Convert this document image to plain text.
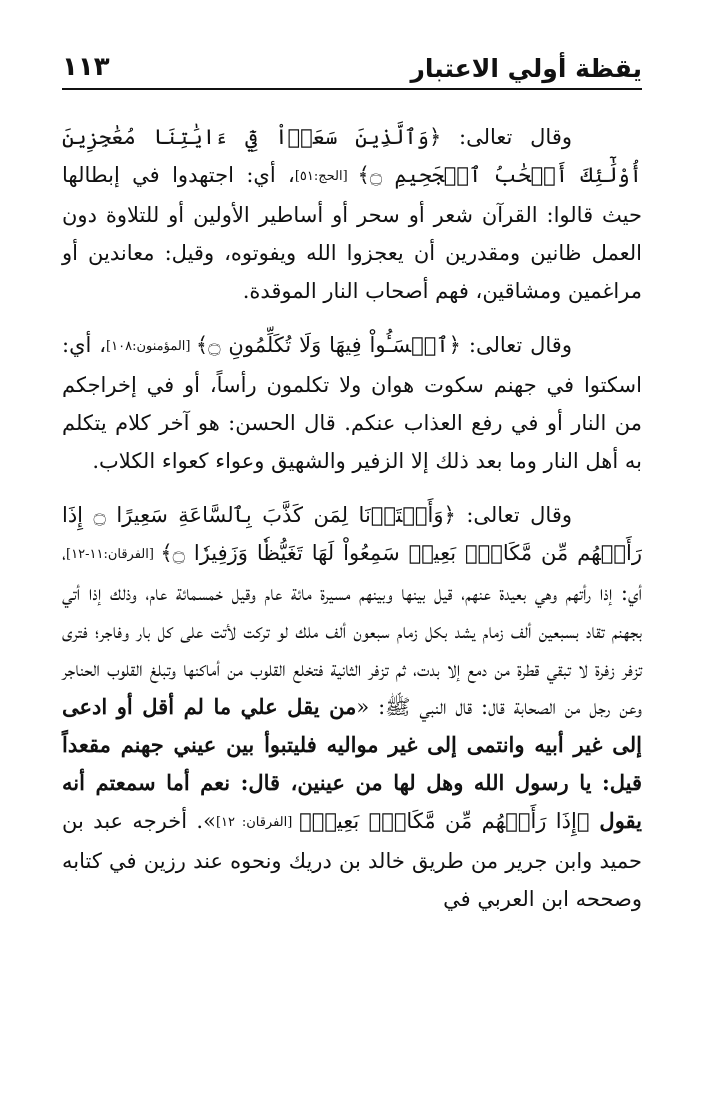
يقظة أولي الاعتبار
١١٣

وقال تعالى: ﴿وَٱلَّذِينَ سَعَوۡاْ فِيٓ ءَايَٰتِنَا مُعَٰجِزِينَ أُوْلَٰٓئِكَ أَصۡحَٰبُ ٱلۡجَحِيمِ ۝﴾ [الحج:٥١]، أي: اجتهدوا في إبطالها حيث قالوا: القرآن شعر أو سحر أو أساطير الأولين أو للتلاوة دون العمل ظانين ومقدرين أن يعجزوا الله ويفوتوه، وقيل: معاندين أو مراغمين ومشاقين، فهم أصحاب النار الموقدة.

وقال تعالى: ﴿ٱخۡسَـُٔواْ فِيهَا وَلَا تُكَلِّمُونِ ۝﴾ [المؤمنون:١٠٨]، أي: اسكتوا في جهنم سكوت هوان ولا تكلمون رأساً، أو في إخراجكم من النار أو في رفع العذاب عنكم. قال الحسن: هو آخر كلام يتكلم به أهل النار وما بعد ذلك إلا الزفير والشهيق وعواء كعواء الكلاب.

وقال تعالى: ﴿وَأَعۡتَدۡنَا لِمَن كَذَّبَ بِٱلسَّاعَةِ سَعِيرًا ۝ إِذَا رَأَتۡهُم مِّن مَّكَانِۢ بَعِيدٖ سَمِعُواْ لَهَا تَغَيُّظٗا وَزَفِيرٗا ۝﴾ [الفرقان:١١-١٢]، أي: إذا رأتهم وهي بعيدة عنهم، قيل بينها وبينهم مسيرة مائة عام وقيل خمسمائة عام، وذلك إذا أتي بجهنم تقاد بسبعين ألف زمام يشد بكل زمام سبعون ألف ملك لو تركت لأتت على كل بار وفاجر؛ فترى تزفر زفرة لا تبقي قطرة من دمع إلا بدت، ثم تزفر الثانية فتخلع القلوب من أماكنها وتبلغ القلوب الحناجر وعن رجل من الصحابة قال: قال النبي ﷺ: «من يقل علي ما لم أقل أو ادعى إلى غير أبيه وانتمى إلى غير مواليه فليتبوأ بين عيني جهنم مقعداً قيل: يا رسول الله وهل لها من عينين، قال: نعم أما سمعتم أنه يقول ﴿إِذَا رَأَتۡهُم مِّن مَّكَانِۢ بَعِيدٖ﴾ [الفرقان: ١٢]». أخرجه عبد بن حميد وابن جرير من طريق خالد بن دريك ونحوه عند رزين في كتابه وصححه ابن العربي في
